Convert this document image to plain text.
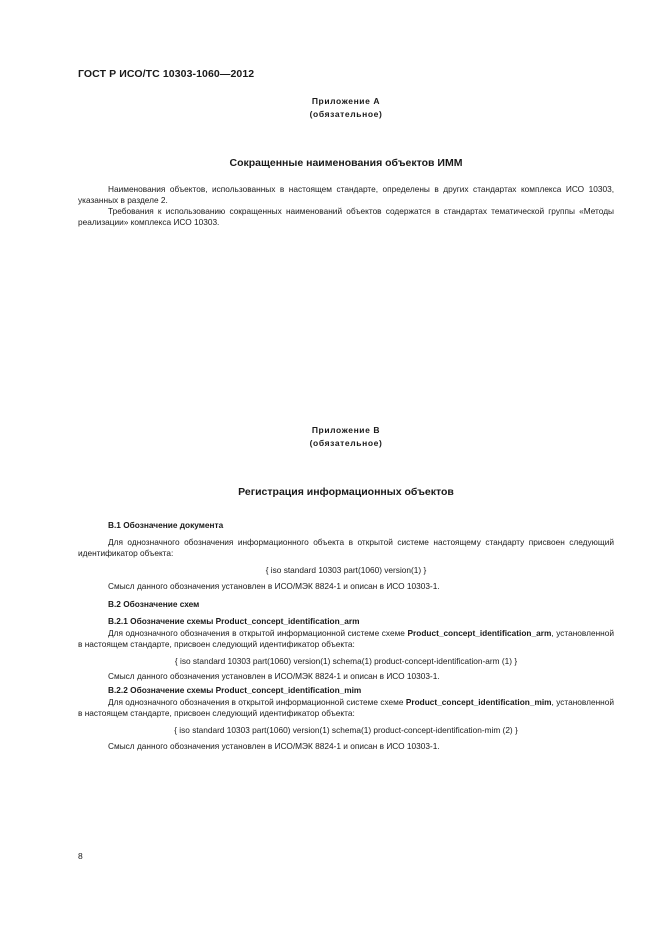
ГОСТ Р ИСО/ТС 10303-1060—2012
Приложение А
(обязательное)
Сокращенные наименования объектов ИММ

Наименования объектов, использованных в настоящем стандарте, определены в других стандартах комплекса ИСО 10303, указанных в разделе 2.

Требования к использованию сокращенных наименований объектов содержатся в стандартах тематической группы «Методы реализации» комплекса ИСО 10303.

Приложение В
(обязательное)
Регистрация информационных объектов
В.1 Обозначение документа

Для однозначного обозначения информационного объекта в открытой системе настоящему стандарту присвоен следующий идентификатор объекта:

{ iso standard 10303 part(1060) version(1) }

Смысл данного обозначения установлен в ИСО/МЭК 8824-1 и описан в ИСО 10303-1.

В.2 Обозначение схем
В.2.1 Обозначение схемы Product_concept_identification_arm

Для однозначного обозначения в открытой информационной системе схеме Product_concept_identification_arm, установленной в настоящем стандарте, присвоен следующий идентификатор объекта:

{ iso standard 10303 part(1060) version(1) schema(1) product-concept-identification-arm (1) }

Смысл данного обозначения установлен в ИСО/МЭК 8824-1 и описан в ИСО 10303-1.

В.2.2 Обозначение схемы Product_concept_identification_mim

Для однозначного обозначения в открытой информационной системе схеме Product_concept_identification_mim, установленной в настоящем стандарте, присвоен следующий идентификатор объекта:

{ iso standard 10303 part(1060) version(1) schema(1) product-concept-identification-mim (2) }

Смысл данного обозначения установлен в ИСО/МЭК 8824-1 и описан в ИСО 10303-1.

8
